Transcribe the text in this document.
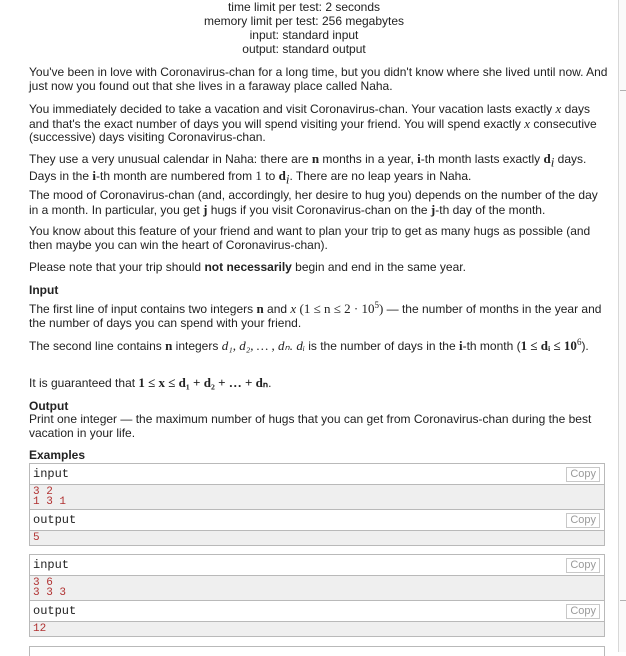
time limit per test: 2 seconds
memory limit per test: 256 megabytes
input: standard input
output: standard output
You've been in love with Coronavirus-chan for a long time, but you didn't know where she lived until now. And just now you found out that she lives in a faraway place called Naha.
You immediately decided to take a vacation and visit Coronavirus-chan. Your vacation lasts exactly x days and that's the exact number of days you will spend visiting your friend. You will spend exactly x consecutive (successive) days visiting Coronavirus-chan.
They use a very unusual calendar in Naha: there are n months in a year, i-th month lasts exactly $d_i$ days. Days in the i-th month are numbered from 1 to $d_i$. There are no leap years in Naha.
The mood of Coronavirus-chan (and, accordingly, her desire to hug you) depends on the number of the day in a month. In particular, you get j hugs if you visit Coronavirus-chan on the j-th day of the month.
You know about this feature of your friend and want to plan your trip to get as many hugs as possible (and then maybe you can win the heart of Coronavirus-chan).
Please note that your trip should not necessarily begin and end in the same year.
Input
The first line of input contains two integers n and x $(1 \le n \le 2 \cdot 10^5)$ — the number of months in the year and the number of days you can spend with your friend.
The second line contains n integers d₁, d₂, … , dₙ. dᵢ is the number of days in the i-th month (1 ≤ dᵢ ≤ $10^6$).
It is guaranteed that 1 ≤ x ≤ d₁ + d₂ + … + dₙ.
Output
Print one integer — the maximum number of hugs that you can get from Coronavirus-chan during the best vacation in your life.
Examples
input	Copy
3 2
1 3 1
output	Copy
5
input	Copy
3 6
3 3 3
output	Copy
12
